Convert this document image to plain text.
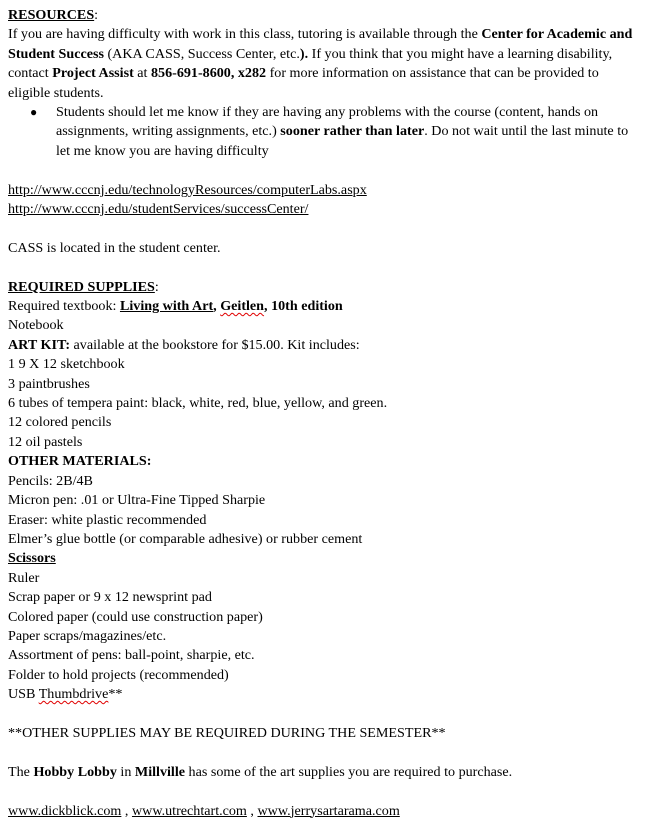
RESOURCES:
If you are having difficulty with work in this class, tutoring is available through the Center for Academic and Student Success (AKA CASS, Success Center, etc.). If you think that you might have a learning disability, contact Project Assist at 856-691-8600, x282 for more information on assistance that can be provided to eligible students.
● Students should let me know if they are having any problems with the course (content, hands on assignments, writing assignments, etc.) sooner rather than later. Do not wait until the last minute to let me know you are having difficulty
http://www.cccnj.edu/technologyResources/computerLabs.aspx
http://www.cccnj.edu/studentServices/successCenter/
CASS is located in the student center.
REQUIRED SUPPLIES:
Required textbook: Living with Art, Geitlen, 10th edition
Notebook
ART KIT: available at the bookstore for $15.00. Kit includes:
1 9 X 12 sketchbook
3 paintbrushes
6 tubes of tempera paint: black, white, red, blue, yellow, and green.
12 colored pencils
12 oil pastels
OTHER MATERIALS:
Pencils: 2B/4B
Micron pen: .01 or Ultra-Fine Tipped Sharpie
Eraser: white plastic recommended
Elmer’s glue bottle (or comparable adhesive) or rubber cement
Scissors
Ruler
Scrap paper or 9 x 12 newsprint pad
Colored paper (could use construction paper)
Paper scraps/magazines/etc.
Assortment of pens: ball-point, sharpie, etc.
Folder to hold projects (recommended)
USB Thumbdrive**
**OTHER SUPPLIES MAY BE REQUIRED DURING THE SEMESTER**
The Hobby Lobby in Millville has some of the art supplies you are required to purchase.
www.dickblick.com , www.utrechtart.com , www.jerrysartarama.com
